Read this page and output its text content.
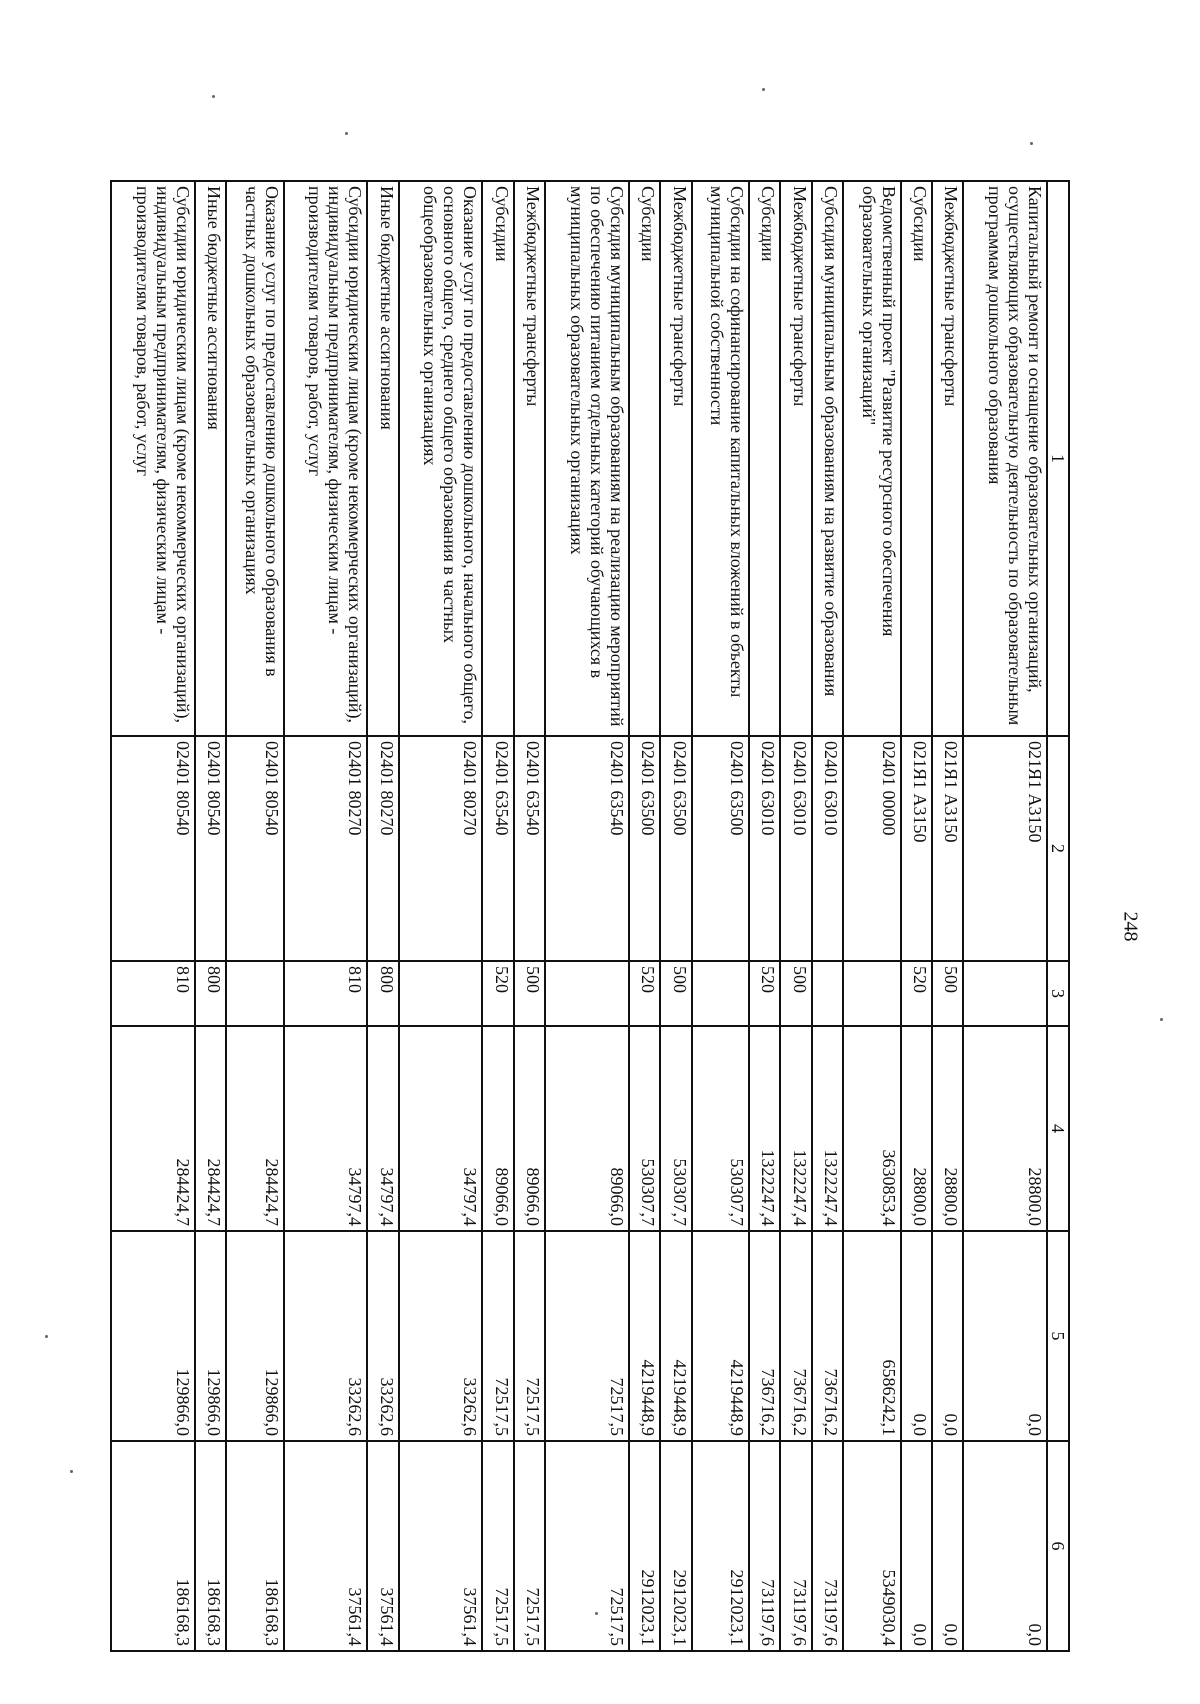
248
1	2	3	4	5	6
Капитальный ремонт и оснащение образовательных организаций, осуществляющих образовательную деятельность по образовательным программам дошкольного образования	021Я1 А3150		28800,0	0,0	0,0
Межбюджетные трансферты	021Я1 А3150	500	28800,0	0,0	0,0
Субсидии	021Я1 А3150	520	28800,0	0,0	0,0
Ведомственный проект "Развитие ресурсного обеспечения образовательных организаций"	02401 00000		3630853,4	6586242,1	5349030,4
Субсидия муниципальным образованиям на развитие образования	02401 63010		1322247,4	736716,2	731197,6
Межбюджетные трансферты	02401 63010	500	1322247,4	736716,2	731197,6
Субсидии	02401 63010	520	1322247,4	736716,2	731197,6
Субсидии на софинансирование капитальных вложений в объекты муниципальной собственности	02401 63500		530307,7	4219448,9	2912023,1
Межбюджетные трансферты	02401 63500	500	530307,7	4219448,9	2912023,1
Субсидии	02401 63500	520	530307,7	4219448,9	2912023,1
Субсидия муниципальным образованиям на реализацию мероприятий по обеспечению питанием отдельных категорий обучающихся в муниципальных образовательных организациях	02401 63540		89066,0	72517,5	72517,5
Межбюджетные трансферты	02401 63540	500	89066,0	72517,5	72517,5
Субсидии	02401 63540	520	89066,0	72517,5	72517,5
Оказание услуг по предоставлению дошкольного, начального общего, основного общего, среднего общего образования в частных общеобразовательных организациях	02401 80270		34797,4	33262,6	37561,4
Иные бюджетные ассигнования	02401 80270	800	34797,4	33262,6	37561,4
Субсидии юридическим лицам (кроме некоммерческих организаций), индивидуальным предпринимателям, физическим лицам - производителям товаров, работ, услуг	02401 80270	810	34797,4	33262,6	37561,4
Оказание услуг по предоставлению дошкольного образования в частных дошкольных образовательных организациях	02401 80540		284424,7	129866,0	186168,3
Иные бюджетные ассигнования	02401 80540	800	284424,7	129866,0	186168,3
Субсидии юридическим лицам (кроме некоммерческих организаций), индивидуальным предпринимателям, физическим лицам - производителям товаров, работ, услуг	02401 80540	810	284424,7	129866,0	186168,3
